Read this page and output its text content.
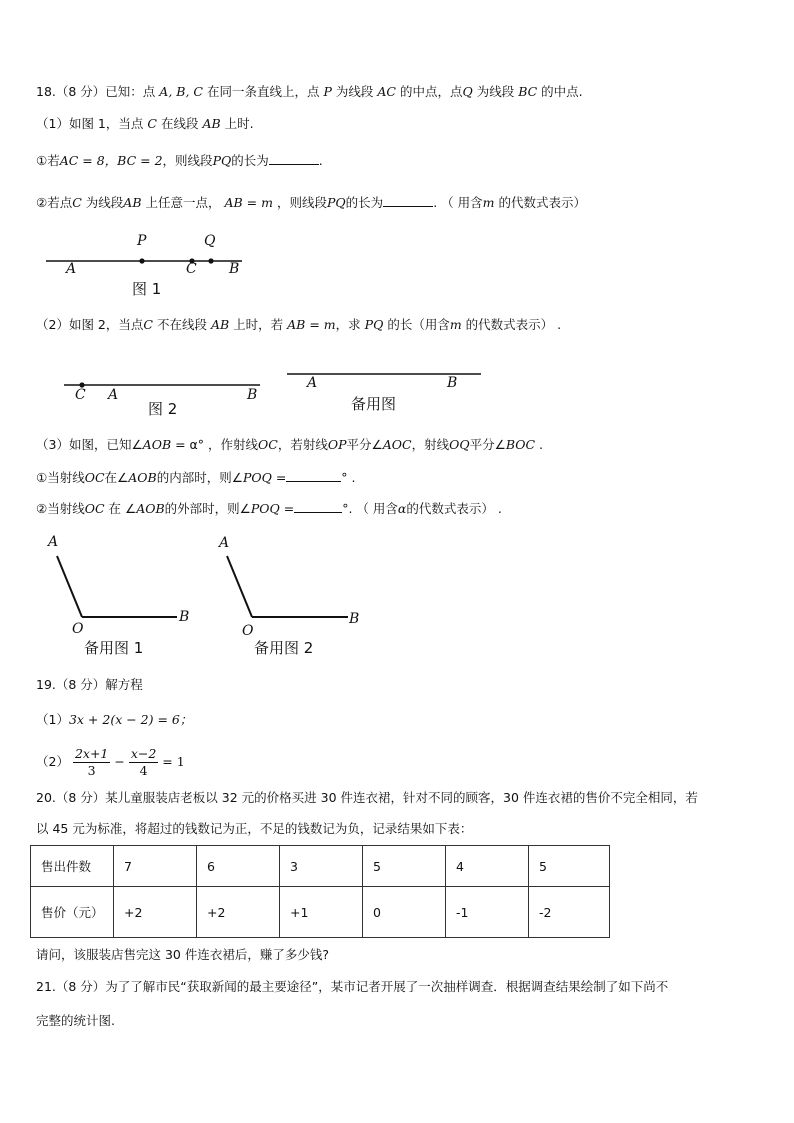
18.（8 分）已知：点 A, B, C 在同一条直线上，点 P 为线段 AC 的中点，点Q 为线段 BC 的中点.
（1）如图 1，当点 C 在线段 AB 上时.
①若AC = 8，BC = 2，则线段PQ的长为	.
②若点C 为线段AB 上任意一点， AB = m ，则线段PQ的长为	. （ 用含m 的代数式表示）
P	Q
A	C B
图 1
（2）如图 2，当点C 不在线段 AB 上时，若 AB = m，求 PQ 的长（用含m 的代数式表示） .
C A	B
图 2
A	B
备用图
（3）如图，已知∠AOB = α° ，作射线OC，若射线OP平分∠AOC，射线OQ平分∠BOC .
①当射线OC在∠AOB的内部时，则∠POQ =	° .
②当射线OC 在 ∠AOB的外部时，则∠POQ =	°. （ 用含α的代数式表示） .
A
O
B
备用图 1
A
O
B
备用图 2
19.（8 分）解方程
（1）3x + 2(x − 2) = 6；
$(2) \frac{2x+1}{3} - \frac{x-2}{4} = 1$
20.（8 分）某儿童服装店老板以 32 元的价格买进 30 件连衣裙，针对不同的顾客，30 件连衣裙的售价不完全相同，若
以 45 元为标准，将超过的钱数记为正，不足的钱数记为负，记录结果如下表：
售出件数	7	6	3	5	4	5
售价（元）	+2	+2	+1	0	-1	-2
请问，该服装店售完这 30 件连衣裙后，赚了多少钱?
21.（8 分）为了了解市民“获取新闻的最主要途径”，某市记者开展了一次抽样调查．根据调查结果绘制了如下尚不
完整的统计图.
